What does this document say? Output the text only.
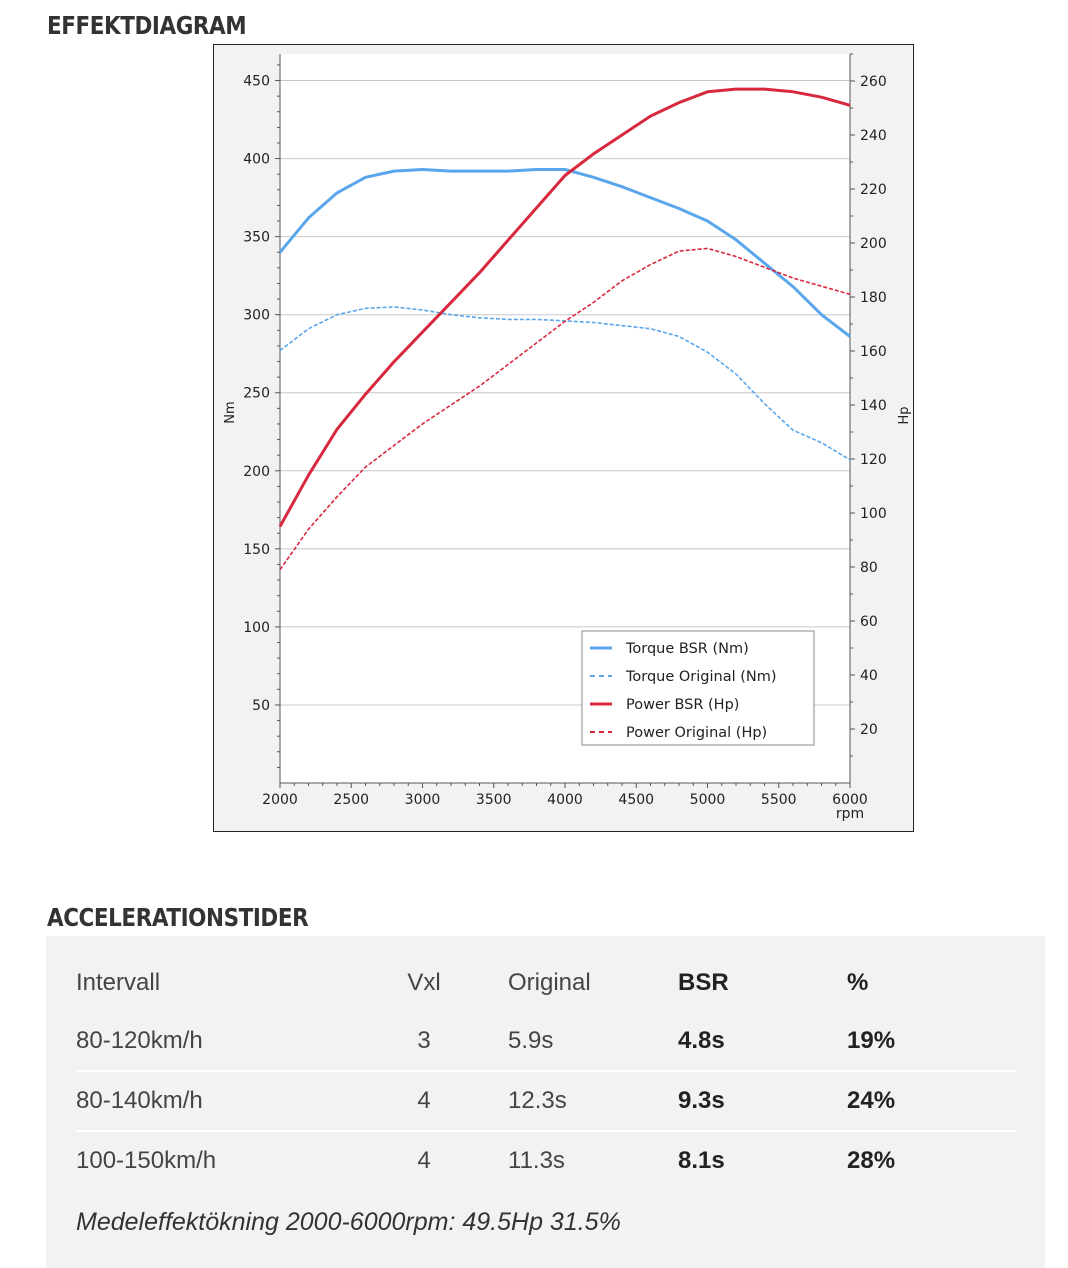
EFFEKTDIAGRAM
50
100
150
200
250
300
350
400
450
20
40
60
80
100
120
140
160
180
200
220
240
260
2000	2500	3000	3500	4000	4500	5000	5500	6000
rpm
Nm	Hp
Torque BSR (Nm)
Torque Original (Nm)
Power BSR (Hp)
Power Original (Hp)
ACCELERATIONSTIDER
Intervall	Vxl	Original	BSR	%
80-120km/h	3	5.9s	4.8s	19%
80-140km/h	4	12.3s	9.3s	24%
100-150km/h	4	11.3s	8.1s	28%
Medeleffektökning 2000-6000rpm: 49.5Hp 31.5%
